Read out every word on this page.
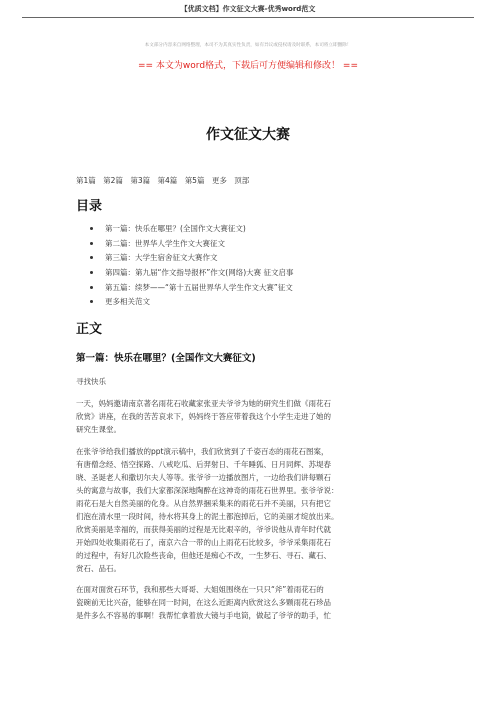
【优质文档】作文征文大赛-优秀word范文
本文部分内容来自网络整理，本司不为其真实性负责，如有异议或侵权请及时联系，本司将立即删除！
== 本文为word格式，下载后可方便编辑和修改！ ==
作文征文大赛
第1篇 第2篇 第3篇 第4篇 第5篇 更多 顶部
目录
第一篇：快乐在哪里？(全国作文大赛征文)
第二篇：世界华人学生作文大赛征文
第三篇：大学生宿舍征文大赛作文
第四篇：第九届“作文指导报杯”作文(网络)大赛 征文启事
第五篇：续梦——“第十五届世界华人学生作文大赛”征文
更多相关范文
正文
第一篇：快乐在哪里？(全国作文大赛征文)
寻找快乐
一天，妈妈邀请南京著名雨花石收藏家张亚夫爷爷为她的研究生们做《雨花石
欣赏》讲座，在我的苦苦哀求下，妈妈终于答应带着我这个小学生走进了她的
研究生课堂。
在张爷爷给我们播放的ppt演示稿中，我们欣赏到了千姿百态的雨花石图案，
有唐僧念经、悟空探路、八戒吃瓜、后羿射日、千年睡狐、日月同辉、苏堤春
晓、圣诞老人和撒切尔夫人等等。张爷爷一边播放图片，一边给我们讲每颗石
头的寓意与故事，我们大家都深深地陶醉在这神奇的雨花石世界里。张爷爷说：
雨花石是大自然美丽的化身。从自然界捆采集来的雨花石并不美丽，只有把它
们泡在清水里一段时间，待水将其身上的泥土都泡掉后，它的美丽才绽放出来。
欣赏美丽是幸福的，而获得美丽的过程是无比艰辛的，爷爷说他从青年时代就
开始四处收集雨花石了，南京六合一带的山上雨花石比较多，爷爷采集雨花石
的过程中，有好几次险些丧命，但他还是痴心不改，一生梦石、寻石、藏石、
赏石、品石。
在面对面赏石环节，我和那些大哥哥、大姐姐围绕在一只只“斧”着雨花石的
瓷碗前无比兴奋，能够在同一时间，在这么近距离内欣赏这么多颗雨花石珍品
是件多么不容易的事啊！我帮忙拿着放大镜与手电筒，做起了爷爷的助手，忙
